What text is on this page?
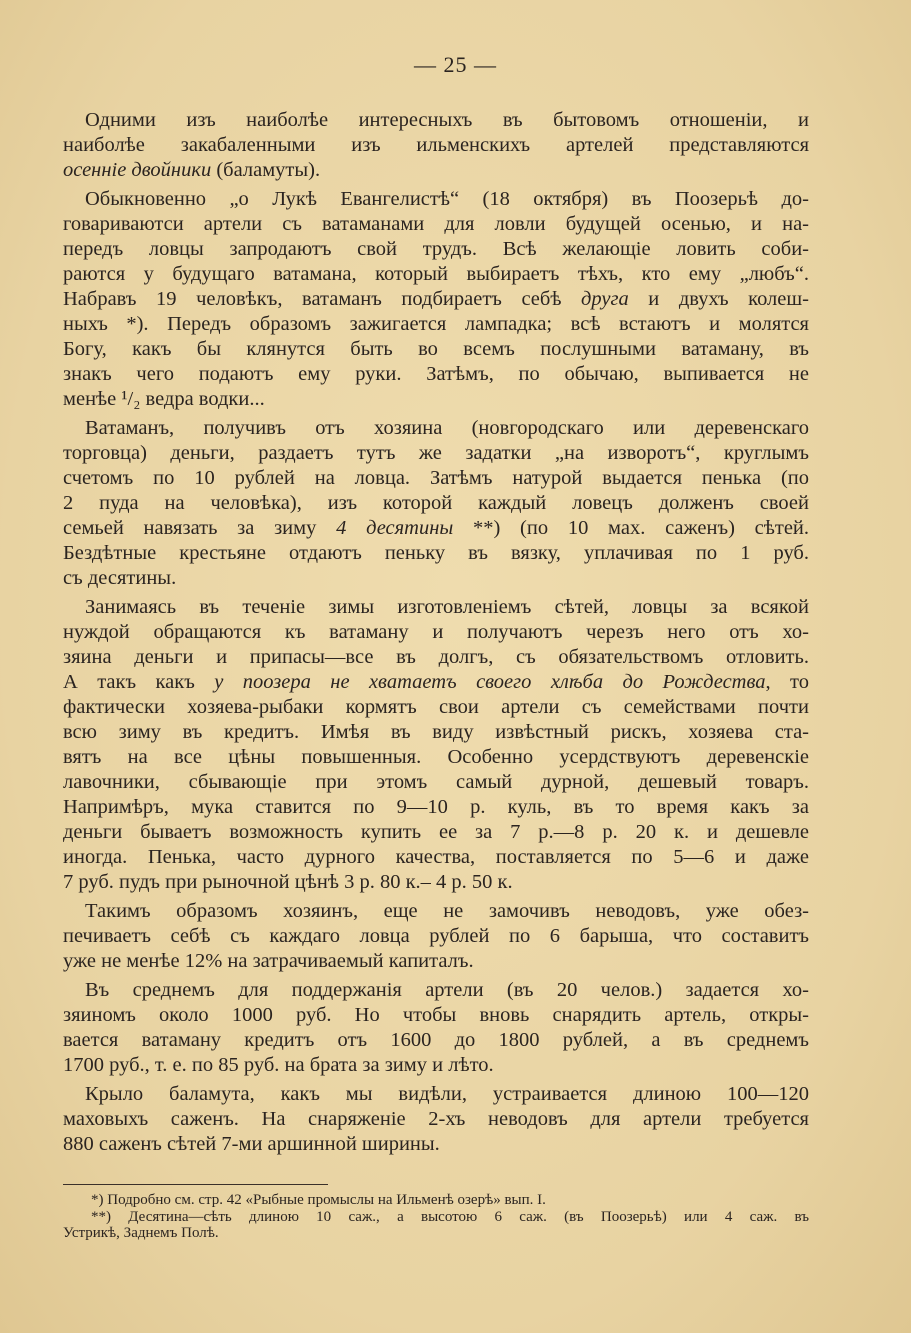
— 25 —
Одними изъ наиболѣе интересныхъ въ бытовомъ отношеніи, и
наиболѣе закабаленными изъ ильменскихъ артелей представляются
осенніе двойники (баламуты).
Обыкновенно „о Лукѣ Евангелистѣ“ (18 октября) въ Поозерьѣ до-
говариваютси артели съ ватаманами для ловли будущей осенью, и на-
передъ ловцы запродаютъ свой трудъ. Всѣ желающіе ловить соби-
раются у будущаго ватамана, который выбираетъ тѣхъ, кто ему „любъ“.
Набравъ 19 человѣкъ, ватаманъ подбираетъ себѣ друга и двухъ колеш-
ныхъ *). Передъ образомъ зажигается лампадка; всѣ встаютъ и молятся
Богу, какъ бы клянутся быть во всемъ послушными ватаману, въ
знакъ чего подаютъ ему руки. Затѣмъ, по обычаю, выпивается не
менѣе ¹/₂ ведра водки...
Ватаманъ, получивъ отъ хозяина (новгородскаго или деревенскаго
торговца) деньги, раздаетъ тутъ же задатки „на изворотъ“, круглымъ
счетомъ по 10 рублей на ловца. Затѣмъ натурой выдается пенька (по
2 пуда на человѣка), изъ которой каждый ловецъ долженъ своей
семьей навязать за зиму 4 десятины **) (по 10 мах. саженъ) сѣтей.
Бездѣтные крестьяне отдаютъ пеньку въ вязку, уплачивая по 1 руб.
съ десятины.
Занимаясь въ теченіе зимы изготовленіемъ сѣтей, ловцы за всякой
нуждой обращаются къ ватаману и получаютъ черезъ него отъ хо-
зяина деньги и припасы—все въ долгъ, съ обязательствомъ отловить.
А такъ какъ у поозера не хватаетъ своего хлѣба до Рождества, то
фактически хозяева-рыбаки кормятъ свои артели съ семействами почти
всю зиму въ кредитъ. Имѣя въ виду извѣстный рискъ, хозяева ста-
вятъ на все цѣны повышенныя. Особенно усердствуютъ деревенскіе
лавочники, сбывающіе при этомъ самый дурной, дешевый товаръ.
Напримѣръ, мука ставится по 9—10 р. куль, въ то время какъ за
деньги бываетъ возможность купить ее за 7 р.—8 р. 20 к. и дешевле
иногда. Пенька, часто дурного качества, поставляется по 5—6 и даже
7 руб. пудъ при рыночной цѣнѣ 3 р. 80 к.– 4 р. 50 к.
Такимъ образомъ хозяинъ, еще не замочивъ неводовъ, уже обез-
печиваетъ себѣ съ каждаго ловца рублей по 6 барыша, что составитъ
уже не менѣе 12% на затрачиваемый капиталъ.
Въ среднемъ для поддержанія артели (въ 20 челов.) задается хо-
зяиномъ около 1000 руб. Но чтобы вновь снарядить артель, откры-
вается ватаману кредитъ отъ 1600 до 1800 рублей, а въ среднемъ
1700 руб., т. е. по 85 руб. на брата за зиму и лѣто.
Крыло баламута, какъ мы видѣли, устраивается длиною 100—120
маховыхъ саженъ. На снаряженіе 2-хъ неводовъ для артели требуется
880 саженъ сѣтей 7-ми аршинной ширины.
*) Подробно см. стр. 42 «Рыбные промыслы на Ильменѣ озерѣ» вып. I.
**) Десятина—сѣть длиною 10 саж., а высотою 6 саж. (въ Поозерьѣ) или 4 саж. въ
Устрикѣ, Заднемъ Полѣ.
